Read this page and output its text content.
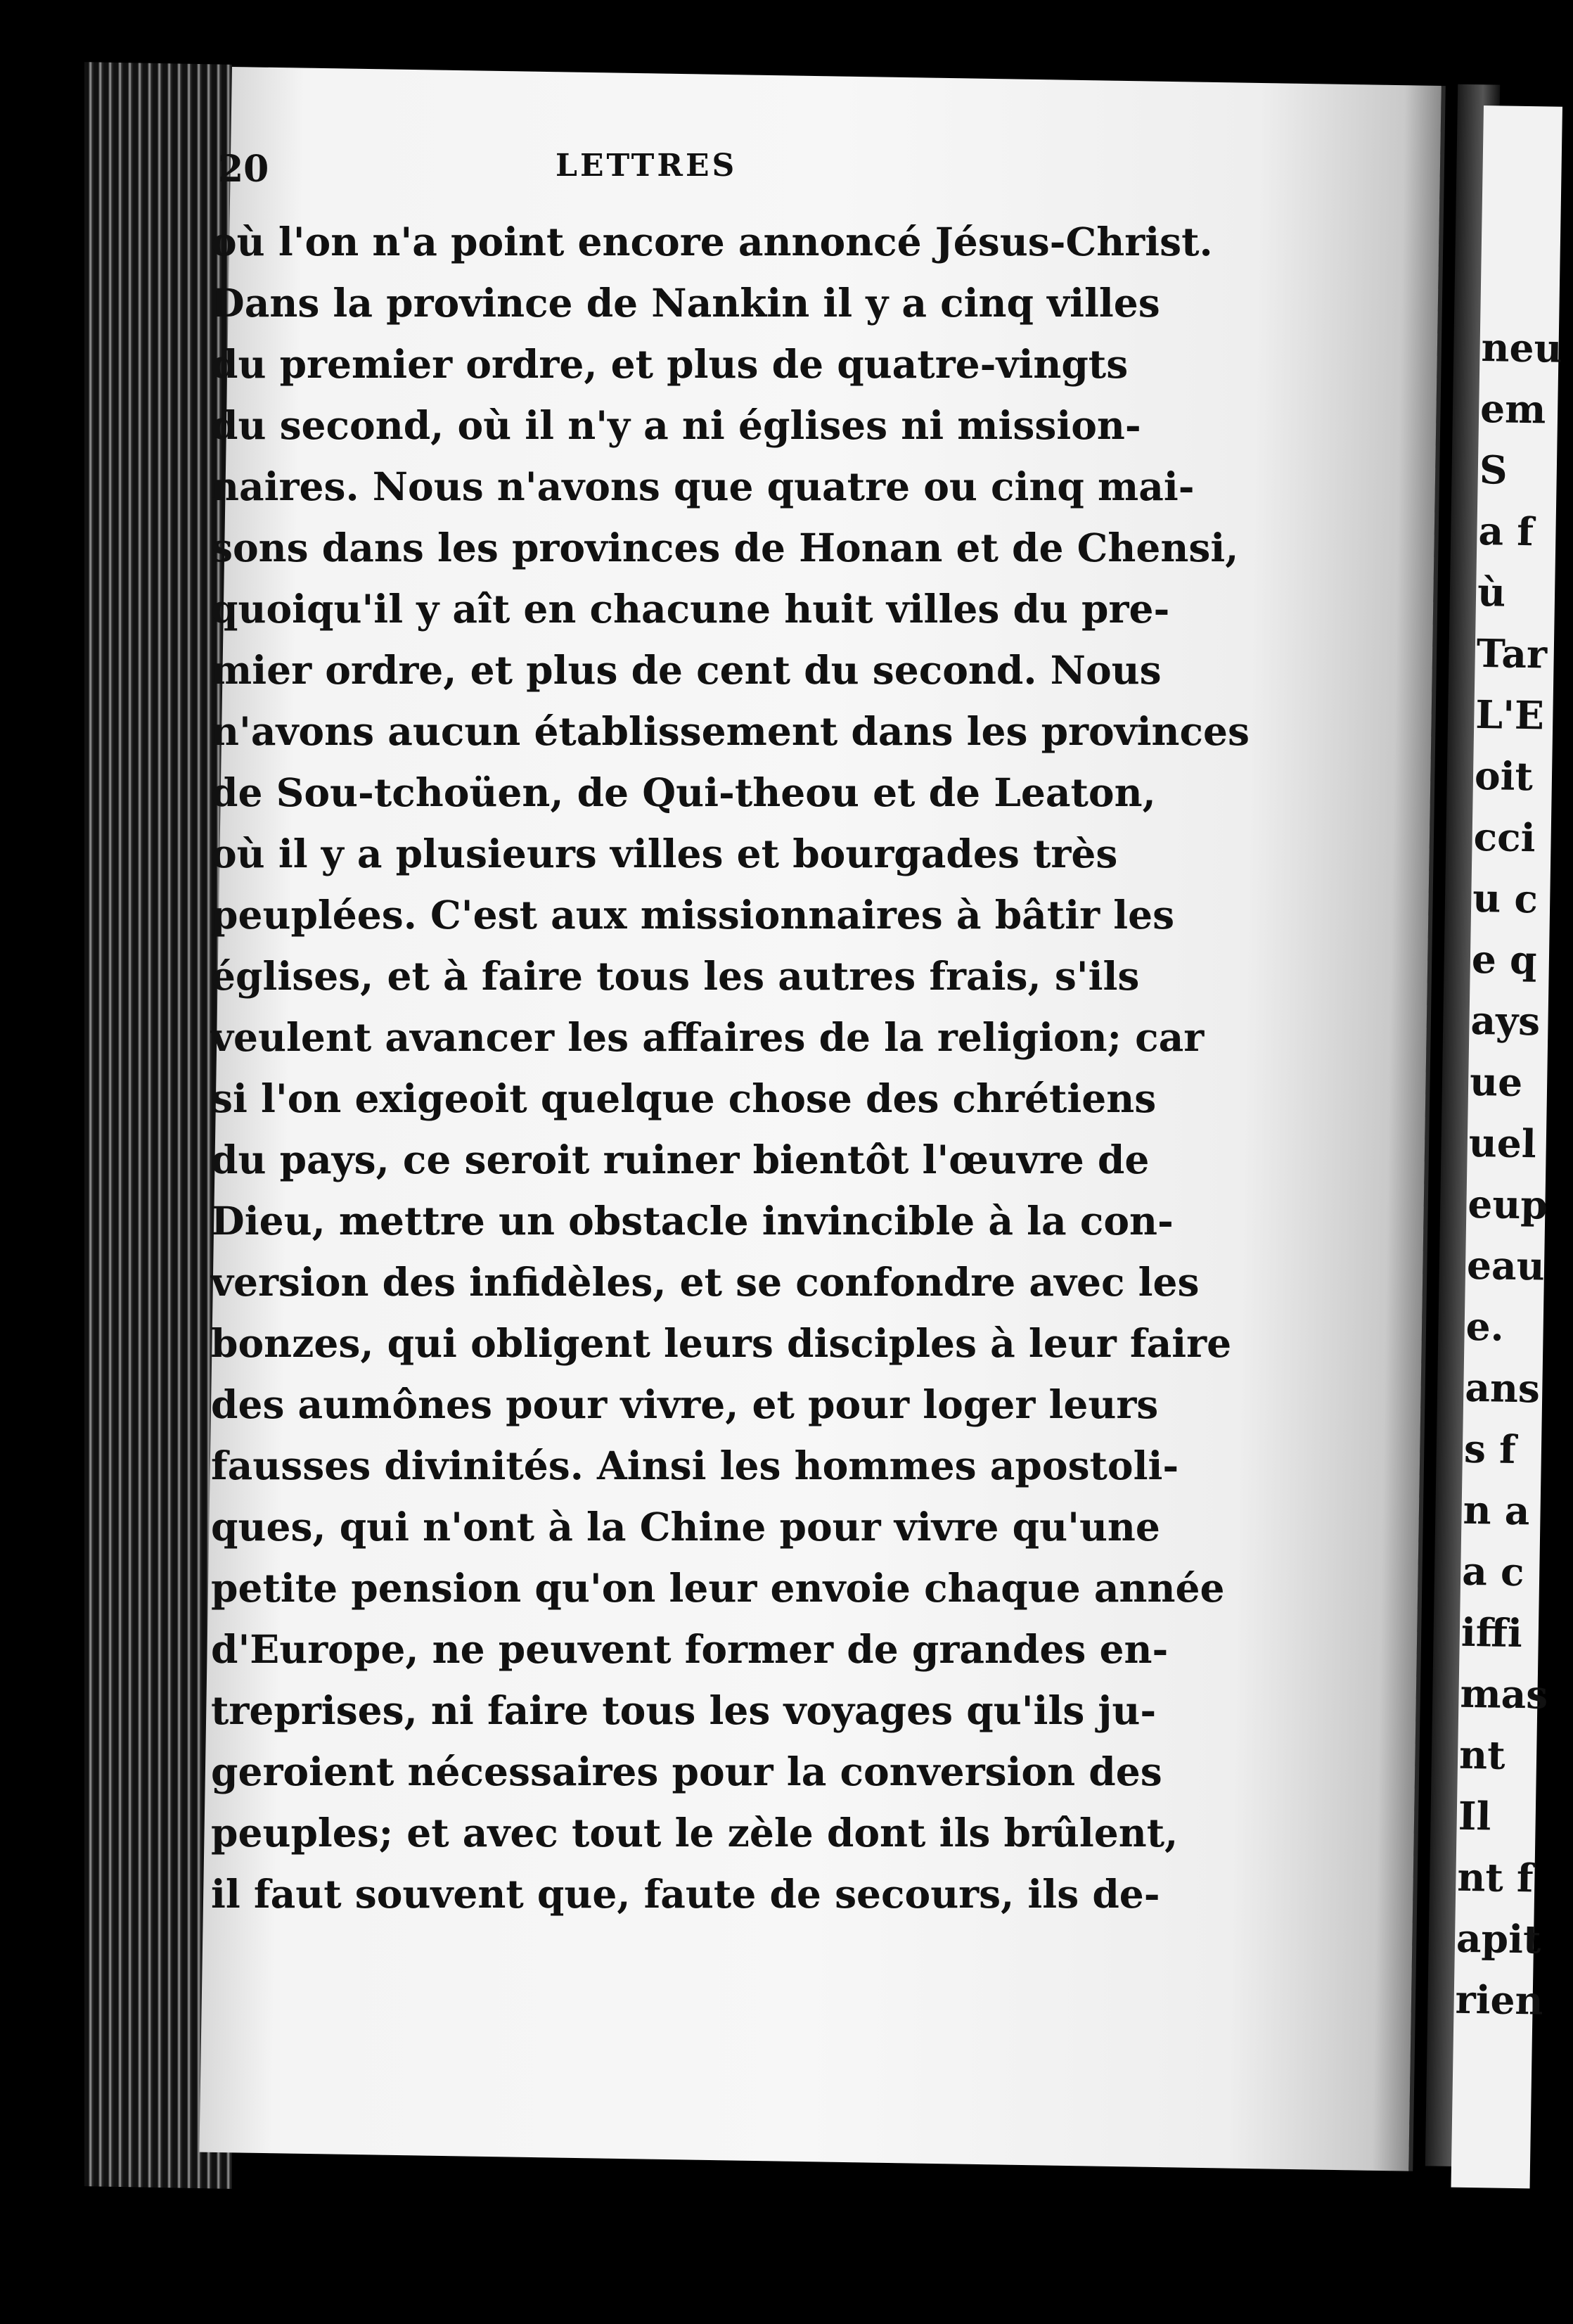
neu
em
S
a f
ù
Tar
L'E
oit
cci
u c
e q
ays
ue
uel
eup
eau
e.
ans
s f
n a
a c
iffi
mas
nt
Il
nt f
apit
rien
20	LETTRES
où l'on n'a point encore annoncé Jésus-Christ.
Dans la province de Nankin il y a cinq villes
du premier ordre, et plus de quatre-vingts
du second, où il n'y a ni églises ni mission-
naires. Nous n'avons que quatre ou cinq mai-
sons dans les provinces de Honan et de Chensi,
quoiqu'il y aît en chacune huit villes du pre-
mier ordre, et plus de cent du second. Nous
n'avons aucun établissement dans les provinces
de Sou-tchoüen, de Qui-theou et de Leaton,
où il y a plusieurs villes et bourgades très
peuplées. C'est aux missionnaires à bâtir les
églises, et à faire tous les autres frais, s'ils
veulent avancer les affaires de la religion; car
si l'on exigeoit quelque chose des chrétiens
du pays, ce seroit ruiner bientôt l'œuvre de
Dieu, mettre un obstacle invincible à la con-
version des infidèles, et se confondre avec les
bonzes, qui obligent leurs disciples à leur faire
des aumônes pour vivre, et pour loger leurs
fausses divinités. Ainsi les hommes apostoli-
ques, qui n'ont à la Chine pour vivre qu'une
petite pension qu'on leur envoie chaque année
d'Europe, ne peuvent former de grandes en-
treprises, ni faire tous les voyages qu'ils ju-
geroient nécessaires pour la conversion des
peuples; et avec tout le zèle dont ils brûlent,
il faut souvent que, faute de secours, ils de-
